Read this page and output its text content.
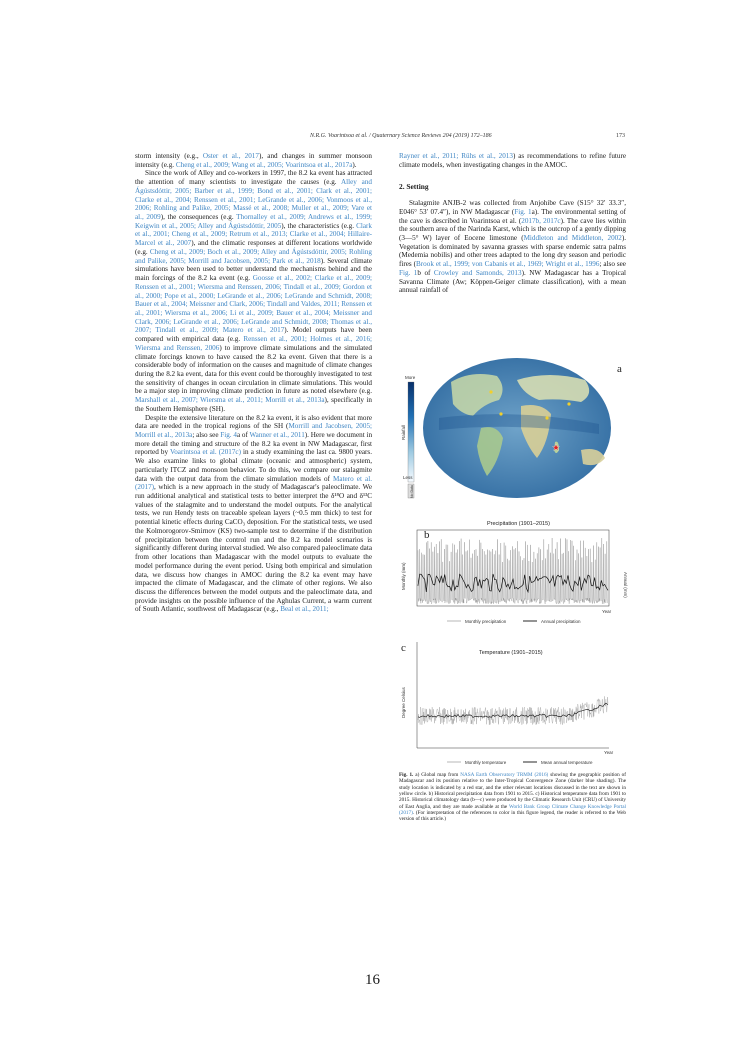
N.R.G. Voarintsoa et al. / Quaternary Science Reviews 204 (2019) 172–186	173

storm intensity (e.g., Oster et al., 2017), and changes in summer monsoon intensity (e.g. Cheng et al., 2009; Wang et al., 2005; Voarintsoa et al., 2017a).

Since the work of Alley and co-workers in 1997, the 8.2 ka event has attracted the attention of many scientists to investigate the causes (e.g. Alley and Ágústsdóttir, 2005; Barber et al., 1999; Bond et al., 2001; Clark et al., 2001; Clarke et al., 2004; Renssen et al., 2001; LeGrande et al., 2006; Vonmoos et al., 2006; Rohling and Palike, 2005; Massé et al., 2008; Muller et al., 2009; Vare et al., 2009), the consequences (e.g. Thornalley et al., 2009; Andrews et al., 1999; Keigwin et al., 2005; Alley and Ágústsdóttir, 2005), the characteristics (e.g. Clark et al., 2001; Cheng et al., 2009; Retrum et al., 2013; Clarke et al., 2004; Hillaire-Marcel et al., 2007), and the climatic responses at different locations worldwide (e.g. Cheng et al., 2009; Boch et al., 2009; Alley and Ágústsdóttir, 2005; Rohling and Palike, 2005; Morrill and Jacobsen, 2005; Park et al., 2018). Several climate simulations have been used to better understand the mechanisms behind and the main forcings of the 8.2 ka event (e.g. Goosse et al., 2002; Clarke et al., 2009; Renssen et al., 2001; Wiersma and Renssen, 2006; Tindall et al., 2009; Gordon et al., 2000; Pope et al., 2000; LeGrande et al., 2006; LeGrande and Schmidt, 2008; Bauer et al., 2004; Meissner and Clark, 2006; Tindall and Valdes, 2011; Renssen et al., 2001; Wiersma et al., 2006; Li et al., 2009; Bauer et al., 2004; Meissner and Clark, 2006; LeGrande et al., 2006; LeGrande and Schmidt, 2008; Thomas et al., 2007; Tindall et al., 2009; Matero et al., 2017). Model outputs have been compared with empirical data (e.g. Renssen et al., 2001; Holmes et al., 2016; Wiersma and Renssen, 2006) to improve climate simulations and the simulated climate forcings known to have caused the 8.2 ka event. Given that there is a considerable body of information on the causes and magnitude of climate changes during the 8.2 ka event, data for this event could be thoroughly investigated to test the sensitivity of changes in ocean circulation in climate simulations. This would be a major step in improving climate prediction in future as noted elsewhere (e.g. Marshall et al., 2007; Wiersma et al., 2011; Morrill et al., 2013a), specifically in the Southern Hemisphere (SH).

Despite the extensive literature on the 8.2 ka event, it is also evident that more data are needed in the tropical regions of the SH (Morrill and Jacobsen, 2005; Morrill et al., 2013a; also see Fig. 4a of Wanner et al., 2011). Here we document in more detail the timing and structure of the 8.2 ka event in NW Madagascar, first reported by Voarintsoa et al. (2017c) in a study examining the last ca. 9800 years. We also examine links to global climate (oceanic and atmospheric) system, particularly ITCZ and monsoon behavior. To do this, we compare our stalagmite data with the output data from the climate simulation models of Matero et al. (2017), which is a new approach in the study of Madagascar's paleoclimate. We run additional analytical and statistical tests to better interpret the δ¹⁸O and δ¹³C values of the stalagmite and to understand the model outputs. For the analytical tests, we run Hendy tests on traceable spelean layers (~0.5 mm thick) to test for potential kinetic effects during CaCO₃ deposition. For the statistical tests, we used the Kolmorogorov-Smirnov (KS) two-sample test to determine if the distribution of precipitation between the control run and the 8.2 ka model scenarios is significantly different during interval studied. We also compared paleoclimate data from other locations than Madagascar with the model outputs to evaluate the model performance during the event period. Using both empirical and simulation data, we discuss how changes in AMOC during the 8.2 ka event may have impacted the climate of Madagascar, and the climate of other regions. We also discuss the differences between the model outputs and the paleoclimate data, and provide insights on the possible influence of the Aghulas Current, a warm current of South Atlantic, southwest off Madagascar (e.g., Beal et al., 2011;

Rayner et al., 2011; Rühs et al., 2013) as recommendations to refine future climate models, when investigating changes in the AMOC.

2. Setting

Stalagmite ANJB-2 was collected from Anjohibe Cave (S15° 32′ 33.3″, E046° 53′ 07.4″), in NW Madagascar (Fig. 1a). The environmental setting of the cave is described in Voarintsoa et al. (2017b, 2017c). The cave lies within the southern area of the Narinda Karst, which is the outcrop of a gently dipping (3—5° W) layer of Eocene limestone (Middleton and Middleton, 2002). Vegetation is dominated by savanna grasses with sparse endemic satra palms (Medemia nobilis) and other trees adapted to the long dry season and periodic fires (Brook et al., 1999; von Cabanis et al., 1969; Wright et al., 1996; also see Fig. 1b of Crowley and Samonds, 2013). NW Madagascar has a Tropical Savanna Climate (Aw; Köppen-Geiger climate classification), with a mean annual rainfall of

More
Rainfall
Less
No Data
a
Precipitation (1901–2015)
b
Monthly (mm)	Annual (mm)
Year
Monthly precipitation	Annual precipitation
c	Temperature (1901–2015)
Degree Celsius
Year
Monthly temperature	Mean annual temperature
Fig. 1. a) Global map from NASA Earth Observatory TRMM (2016) showing the geographic position of Madagascar and its position relative to the Inter-Tropical Convergence Zone (darker blue shading). The study location is indicated by a red star, and the other relevant locations discussed in the text are shown in yellow circle. b) Historical precipitation data from 1901 to 2015. c) Historical temperature data from 1901 to 2015. Historical climatology data (b—c) were produced by the Climatic Research Unit (CRU) of University of East Anglia, and they are made available at the World Bank Group Climate Change Knowledge Portal (2017). (For interpretation of the references to color in this figure legend, the reader is referred to the Web version of this article.)
16
